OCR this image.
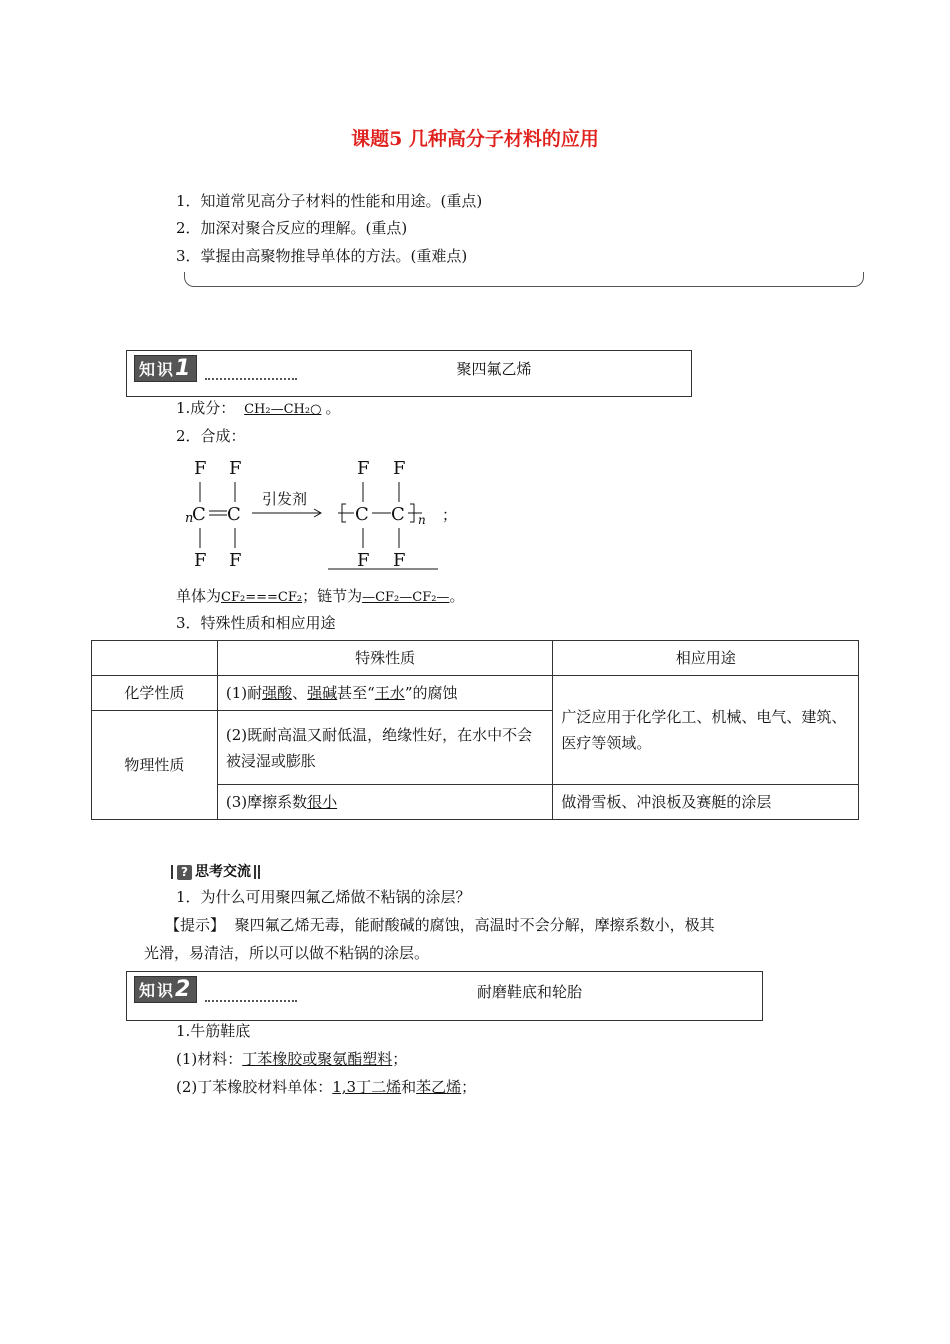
课题5 几种高分子材料的应用
1．知道常见高分子材料的性能和用途。(重点)
2．加深对聚合反应的理解。(重点)
3．掌握由高聚物推导单体的方法。(重难点)
知识1	聚四氟乙烯
1.成分： CH₂—CH₂○ 。
2．合成：
F F
n
C C
F F
F F
C C
F F
n ；
引发剂
单体为CF₂===CF₂；链节为—CF₂—CF₂—。
3．特殊性质和相应用途
	特殊性质	相应用途
化学性质	(1)耐强酸、强碱甚至“王水”的腐蚀	广泛应用于化学化工、机械、电气、建筑、医疗等领域。
物理性质	(2)既耐高温又耐低温，绝缘性好，在水中不会被浸湿或膨胀	
	(3)摩擦系数很小	做滑雪板、冲浪板及赛艇的涂层
? 思考交流
1．为什么可用聚四氟乙烯做不粘锅的涂层？
【提示】 聚四氟乙烯无毒，能耐酸碱的腐蚀，高温时不会分解，摩擦系数小，极其
光滑，易清洁，所以可以做不粘锅的涂层。
知识2	耐磨鞋底和轮胎
1.牛筋鞋底
(1)材料：丁苯橡胶或聚氨酯塑料；
(2)丁苯橡胶材料单体：1,3丁二烯和苯乙烯；
